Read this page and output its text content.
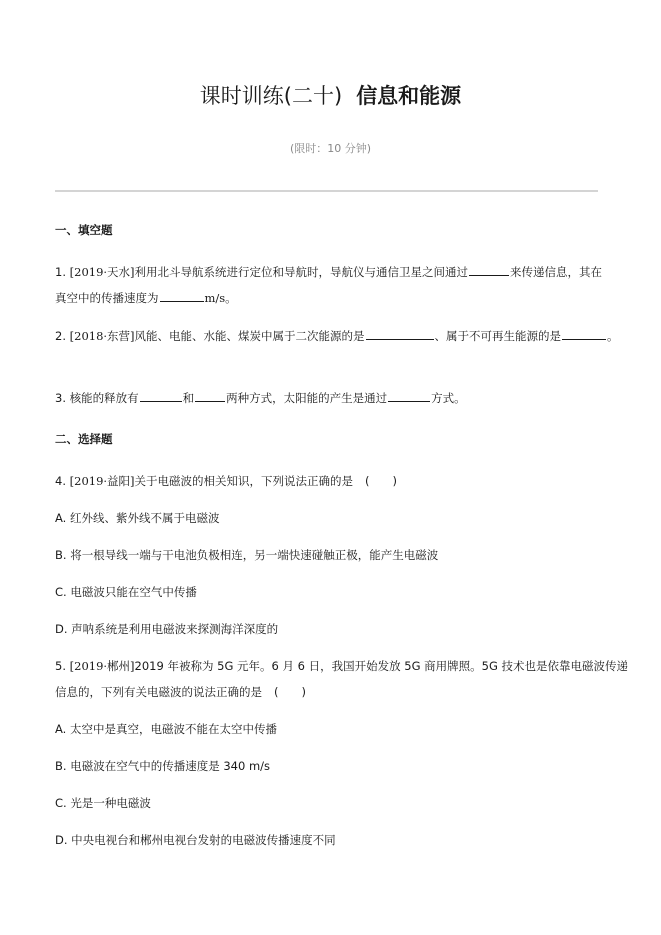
课时训练(二十) 信息和能源
(限时：10 分钟)
一、填空题
1. [2019·天水]利用北斗导航系统进行定位和导航时，导航仪与通信卫星之间通过	来传递信息，其在
真空中的传播速度为	m/s。
2. [2018·东营]风能、电能、水能、煤炭中属于二次能源的是	、属于不可再生能源的是	。
3. 核能的释放有	和	两种方式，太阳能的产生是通过	方式。
二、选择题
4. [2019·益阳]关于电磁波的相关知识，下列说法正确的是 (　　)
A. 红外线、紫外线不属于电磁波
B. 将一根导线一端与干电池负极相连，另一端快速碰触正极，能产生电磁波
C. 电磁波只能在空气中传播
D. 声呐系统是利用电磁波来探测海洋深度的
5. [2019·郴州]2019 年被称为 5G 元年。6 月 6 日，我国开始发放 5G 商用牌照。5G 技术也是依靠电磁波传递
信息的，下列有关电磁波的说法正确的是 (　　)
A. 太空中是真空，电磁波不能在太空中传播
B. 电磁波在空气中的传播速度是 340 m/s
C. 光是一种电磁波
D. 中央电视台和郴州电视台发射的电磁波传播速度不同
